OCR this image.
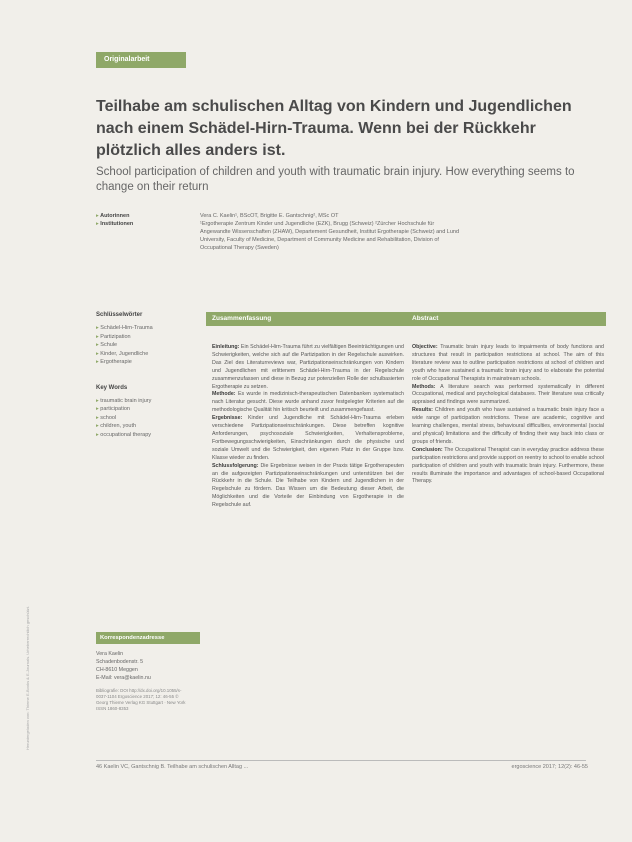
Heruntergeladen von: Thieme E-Books & E-Journals. Urheberrechtlich geschützt.
Originalarbeit
Teilhabe am schulischen Alltag von Kindern und Jugendlichen nach einem Schädel-Hirn-Trauma. Wenn bei der Rückkehr plötzlich alles anders ist.

School participation of children and youth with traumatic brain injury. How everything seems to change on their return

▸ Autorinnen	Vera C. Kaelin¹, BScOT, Brigitte E. Gantschnig², MSc OT
▸ Institutionen	¹Ergotherapie Zentrum Kinder und Jugendliche (EZK), Brugg (Schweiz) ²Zürcher Hochschule für Angewandte Wissenschaften (ZHAW), Departement Gesundheit, Institut Ergotherapie (Schweiz) and Lund University, Faculty of Medicine, Department of Community Medicine and Rehabilitation, Division of Occupational Therapy (Sweden)
Schlüsselwörter
▸ Schädel-Hirn-Trauma
▸ Partizipation
▸ Schule
▸ Kinder, Jugendliche
▸ Ergotherapie
Key Words
▸ traumatic brain injury
▸ participation
▸ school
▸ children, youth
▸ occupational therapy
Zusammenfassung

Einleitung: Ein Schädel-Hirn-Trauma führt zu vielfältigen Beeinträchtigungen und Schwierigkeiten, welche sich auf die Partizipation in der Regelschule auswirken. Das Ziel des Literaturreviews war, Partizipationseinschränkungen von Kindern und Jugendlichen mit erlittenem Schädel-Hirn-Trauma in der Regelschule zusammenzufassen und diese in Bezug zur potenziellen Rolle der schulbasierten Ergotherapie zu setzen.

Methode: Es wurde in medizinisch-therapeutischen Datenbanken systematisch nach Literatur gesucht. Diese wurde anhand zuvor festgelegter Kriterien auf die methodologische Qualität hin kritisch beurteilt und zusammengefasst.

Ergebnisse: Kinder und Jugendliche mit Schädel-Hirn-Trauma erleben verschiedene Partizipationseinschränkungen. Diese betreffen kognitive Anforderungen, psychosoziale Schwierigkeiten, Verhaltensprobleme, Fortbewegungsschwierigkeiten, Einschränkungen durch die physische und soziale Umwelt und die Schwierigkeit, den eigenen Platz in der Gruppe bzw. Klasse wieder zu finden.

Schlussfolgerung: Die Ergebnisse weisen in der Praxis tätige Ergotherapeuten an die aufgezeigten Partizipationseinschränkungen und unterstützen bei der Rückkehr in die Schule. Die Teilhabe von Kindern und Jugendlichen in der Regelschule zu fördern. Das Wissen um die Bedeutung dieser Arbeit, die Möglichkeiten und die Vorteile der Einbindung von Ergotherapie in die Regelschule auf.

Abstract

Objective: Traumatic brain injury leads to impairments of body functions and structures that result in participation restrictions at school. The aim of this literature review was to outline participation restrictions at school of children and youth who have sustained a traumatic brain injury and to elaborate the potential role of Occupational Therapists in mainstream schools.

Methods: A literature search was performed systematically in different Occupational, medical and psychological databases. Their literature was critically appraised and findings were summarized.

Results: Children and youth who have sustained a traumatic brain injury face a wide range of participation restrictions. These are academic, cognitive and learning challenges, mental stress, behavioural difficulties, environmental (social and physical) limitations and the difficulty of finding their way back into class or groups of friends.

Conclusion: The Occupational Therapist can in everyday practice address these participation restrictions and provide support on reentry to school to enable school participation of children and youth with traumatic brain injury. Furthermore, these results illuminate the importance and advantages of school-based Occupational Therapy.

Korrespondenzadresse
Vera Kaelin
Schadenbodenstr. 5
CH-8610 Meggen
E-Mail: vera@kaelin.nu
Bibliografie: DOI http://dx.doi.org/10.1055/s-0037-1104 Ergoscience 2017; 12: 46-55 © Georg Thieme Verlag KG Stuttgart · New York ISSN 1860-8353
46 Kaelin VC, Gantschnig B. Teilhabe am schulischen Alltag ...	ergoscience 2017; 12(2): 46-55
